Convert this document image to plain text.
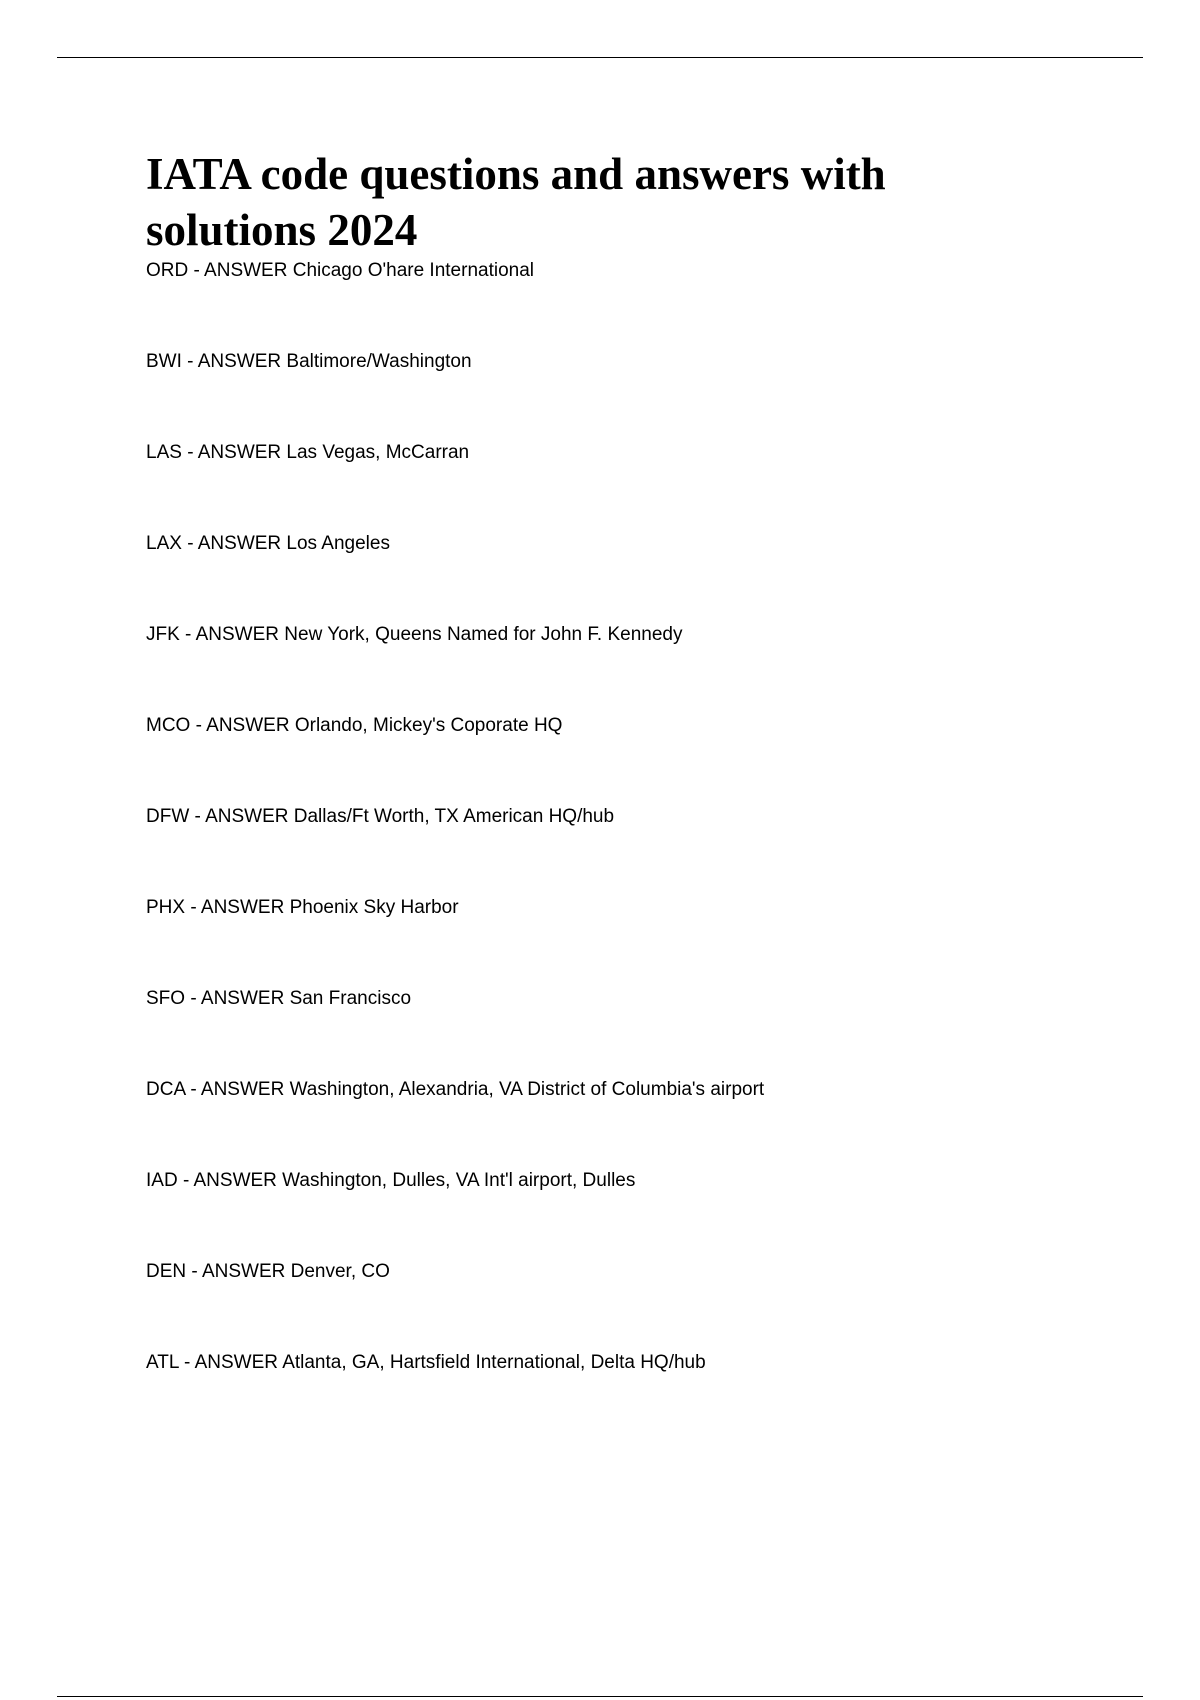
IATA code questions and answers with
solutions 2024
ORD - ANSWER Chicago O'hare International
BWI - ANSWER Baltimore/Washington
LAS - ANSWER Las Vegas, McCarran
LAX - ANSWER Los Angeles
JFK - ANSWER New York, Queens Named for John F. Kennedy
MCO - ANSWER Orlando, Mickey's Coporate HQ
DFW - ANSWER Dallas/Ft Worth, TX American HQ/hub
PHX - ANSWER Phoenix Sky Harbor
SFO - ANSWER San Francisco
DCA - ANSWER Washington, Alexandria, VA District of Columbia's airport
IAD - ANSWER Washington, Dulles, VA Int'l airport, Dulles
DEN - ANSWER Denver, CO
ATL - ANSWER Atlanta, GA, Hartsfield International, Delta HQ/hub
